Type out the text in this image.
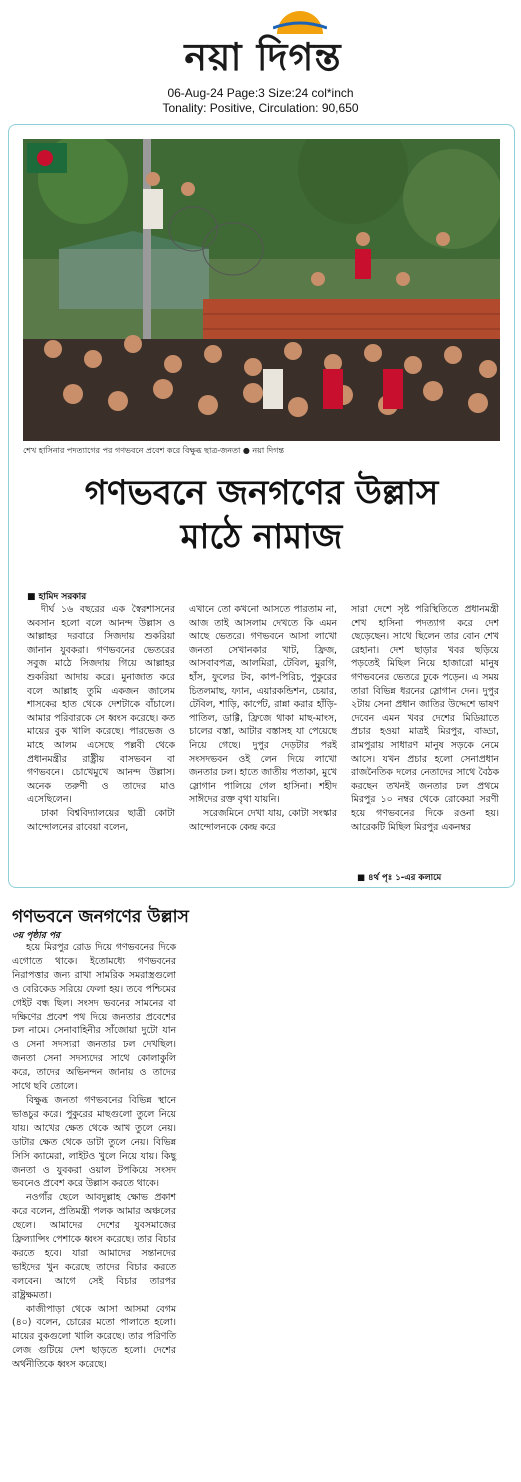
নয়া দিগন্ত
06-Aug-24 Page:3 Size:24 col*inch
Tonality: Positive, Circulation: 90,650
শেখ হাসিনার পদত্যাগের পর গণভবনে প্রবেশ করে বিক্ষুব্ধ ছাত্র-জনতা ● নয়া দিগন্ত
গণভবনে জনগণের উল্লাস
মাঠে নামাজ
■ হামিদ সরকার

দীর্ঘ ১৬ বছরের এক স্বৈরশাসনের অবসান হলো বলে আনন্দ উল্লাস ও আল্লাহর দরবারে সিজদায় শুকরিয়া জানান যুবকরা। গণভবনের ভেতরের সবুজ মাঠে সিজদায় গিয়ে আল্লাহর শুকরিয়া আদায় করে। মুনাজাত করে বলে আল্লাহ তুমি একজন জালেম শাসকের হাত থেকে দেশটাকে বাঁচালে। আমার পরিবারকে সে ধ্বংস করেছে। কত মায়ের বুক খালি করেছে। পারভেজ ও মাহে আলম এসেছে পল্লবী থেকে প্রধানমন্ত্রীর রাষ্ট্রীয় বাসভবন বা গণভবনে। চোখেমুখে আনন্দ উল্লাস। অনেক তরুণী ও তাদের মাও এসেছিলেন।

ঢাকা বিশ্ববিদ্যালয়ের ছাত্রী কোটা আন্দোলনের রাবেয়া বলেন,

এখানে তো কখনো আসতে পারতাম না, আজ তাই আসলাম দেখতে কি এমন আছে ভেতরে। গণভবনে আসা লাখো জনতা সেখানকার খাট, ফ্রিজ, আসবাবপত্র, আলমিরা, টেবিল, মুরগি, হাঁস, ফুলের টব, কাপ-পিরিচ, পুকুরের চিতলমাছ, ফ্যান, এয়ারকন্ডিশন, চেয়ার, টেবিল, শাড়ি, কার্পেট, রান্না করার হাঁড়ি-পাতিল, ডাগ্গি, ফ্রিজে থাকা মাছ-মাংস, চালের বস্তা, আটার বস্তাসহ যা পেয়েছে নিয়ে গেছে। দুপুর দেড়টার পরই সংসদভবন ওই লেন দিয়ে লাখো জনতার ঢল। হাতে জাতীয় পতাকা, মুখে স্লোগান পালিয়ে গেল হাসিনা। শহীদ সাঈদের রক্ত বৃথা যায়নি।

সরেজমিনে দেখা যায়, কোটা সংস্কার আন্দোলনকে কেন্দ্র করে

সারা দেশে সৃষ্ট পরিস্থিতিতে প্রধানমন্ত্রী শেখ হাসিনা পদত্যাগ করে দেশ ছেড়েছেন। সাথে ছিলেন তার বোন শেখ রেহানা। দেশ ছাড়ার খবর ছড়িয়ে পড়তেই মিছিল নিয়ে হাজারো মানুষ গণভবনের ভেতরে ঢুকে পড়েন। এ সময় তারা বিভিন্ন ধরনের স্লোগান দেন। দুপুর ২টায় সেনা প্রধান জাতির উদ্দেশে ভাষণ দেবেন এমন খবর দেশের মিডিয়াতে প্রচার হওয়া মাত্রই মিরপুর, বাড্ডা, রামপুরায় সাধারণ মানুষ সড়কে নেমে আসে। যখন প্রচার হলো সেনাপ্রধান রাজনৈতিক দলের নেতাদের সাথে বৈঠক করছেন তখনই জনতার ঢল প্রথমে মিরপুর ১০ নম্বর থেকে রোকেয়া সরণী হয়ে গণভবনের দিকে রওনা হয়। আরেকটি মিছিল মিরপুর একনম্বর

■ ৪র্থ পৃঃ ১-এর কলামে
গণভবনে জনগণের উল্লাস
৩য় পৃষ্ঠার পর

হয়ে মিরপুর রোড দিয়ে গণভবনের দিকে এগোতে থাকে। ইতোমধ্যে গণভবনের নিরাপত্তার জন্য রাখা সামরিক সমরাস্ত্রগুলো ও বেরিকেড সরিয়ে ফেলা হয়। তবে পশ্চিমের গেইট বন্ধ ছিল। সংসদ ভবনের সামনের বা দক্ষিণের প্রবেশ পথ দিয়ে জনতার প্রবেশের ঢল নামে। সেনাবাহিনীর সাঁজোয়া দুটো যান ও সেনা সদস্যরা জনতার ঢল দেখছিল। জনতা সেনা সদস্যদের সাথে কোলাকুলি করে, তাদের অভিনন্দন জানায় ও তাদের সাথে ছবি তোলে।

বিক্ষুব্ধ জনতা গণভবনের বিভিন্ন স্থানে ভাঙচুর করে। পুকুরের মাছগুলো তুলে নিয়ে যায়। আখের ক্ষেত থেকে আখ তুলে নেয়। ডাটার ক্ষেত থেকে ডাটা তুলে নেয়। বিভিন্ন সিসি ক্যামেরা, লাইটও খুলে নিয়ে যায়। কিছু জনতা ও যুবকরা ওয়াল টপকিয়ে সংসদ ভবনেও প্রবেশ করে উল্লাস করতে থাকে।

নওগাঁর ছেলে আবদুল্লাহ ক্ষোভ প্রকাশ করে বলেন, প্রতিমন্ত্রী পলক আমার অঞ্চলের ছেলে। আমাদের দেশের যুবসমাজের ফ্রিল্যান্সিং পেশাকে ধ্বংস করেছে। তার বিচার করতে হবে। যারা আমাদের সন্তানদের ভাইদের খুন করেছে তাদের বিচার করতে বলবেন। আগে সেই বিচার তারপর রাষ্ট্রক্ষমতা।

কাজীপাড়া থেকে আসা আসমা বেগম (৪০) বলেন, চোরের মতো পালাতে হলো। মায়ের বুকগুলো খালি করেছে। তার পরিণতি লেজ গুটিয়ে দেশ ছাড়তে হলো। দেশের অর্থনীতিকে ধ্বংস করেছে।
